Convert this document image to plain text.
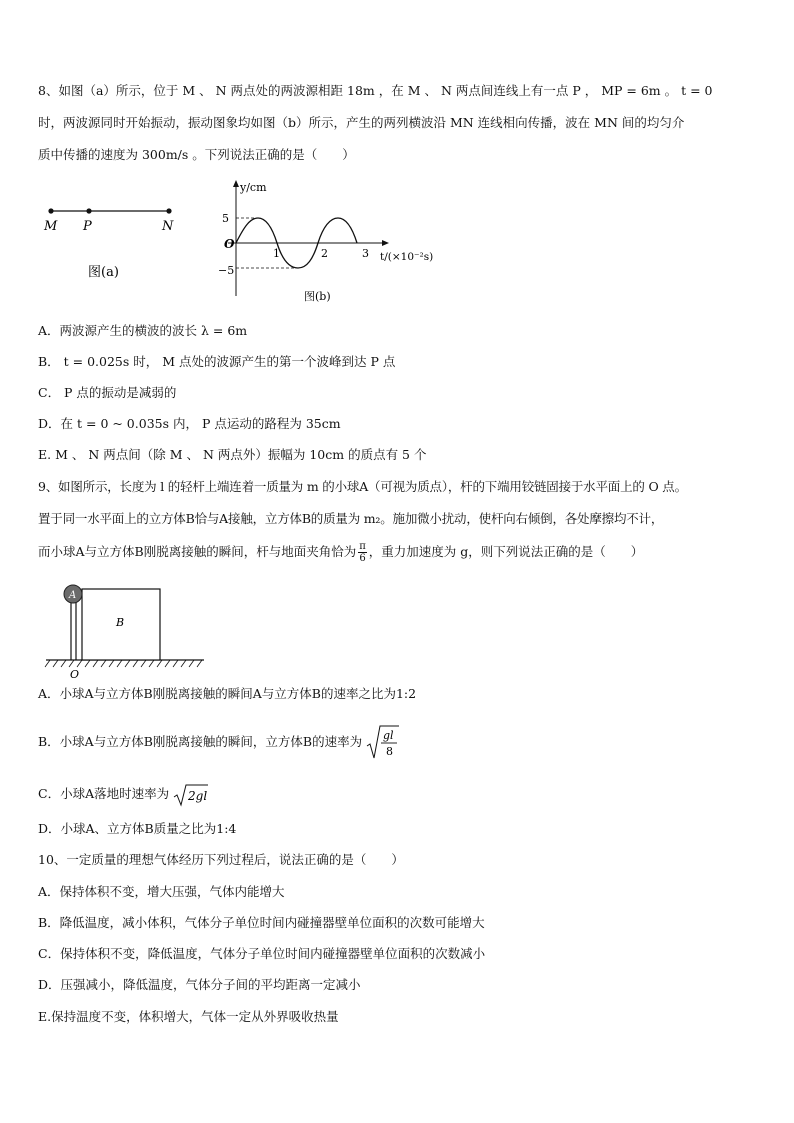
8、如图（a）所示，位于 M 、 N 两点处的两波源相距 18m ，在 M 、 N 两点间连线上有一点 P ， MP = 6m 。 t = 0
时，两波源同时开始振动，振动图象均如图（b）所示，产生的两列横波沿 MN 连线相向传播，波在 MN 间的均匀介
质中传播的速度为 300m/s 。下列说法正确的是（　　）
M P	N
图(a)
y/cm
5
−5
O
1	2	3 t/(×10⁻²s)
图(b)
A．两波源产生的横波的波长 λ = 6m
B． t = 0.025s 时， M 点处的波源产生的第一个波峰到达 P 点
C． P 点的振动是减弱的
D．在 t = 0 ~ 0.035s 内， P 点运动的路程为 35cm
E. M 、 N 两点间（除 M 、 N 两点外）振幅为 10cm 的质点有 5 个
9、如图所示，长度为 l 的轻杆上端连着一质量为 m 的小球A（可视为质点），杆的下端用铰链固接于水平面上的 O 点。
置于同一水平面上的立方体B恰与A接触，立方体B的质量为 m₂。施加微小扰动，使杆向右倾倒，各处摩擦均不计，
而小球A与立方体B刚脱离接触的瞬间，杆与地面夹角恰为 $\frac{\pi}{6}$ ，重力加速度为 g，则下列说法正确的是（　　）
A
B
O
A．小球A与立方体B刚脱离接触的瞬间A与立方体B的速率之比为1:2
B．小球A与立方体B刚脱离接触的瞬间，立方体B的速率为 gl
8
C．小球A落地时速率为 2gl
D．小球A、立方体B质量之比为1:4
10、一定质量的理想气体经历下列过程后，说法正确的是（　　）
A．保持体积不变，增大压强，气体内能增大
B．降低温度，减小体积，气体分子单位时间内碰撞器壁单位面积的次数可能增大
C．保持体积不变，降低温度，气体分子单位时间内碰撞器壁单位面积的次数减小
D．压强减小，降低温度，气体分子间的平均距离一定减小
E.保持温度不变，体积增大，气体一定从外界吸收热量
